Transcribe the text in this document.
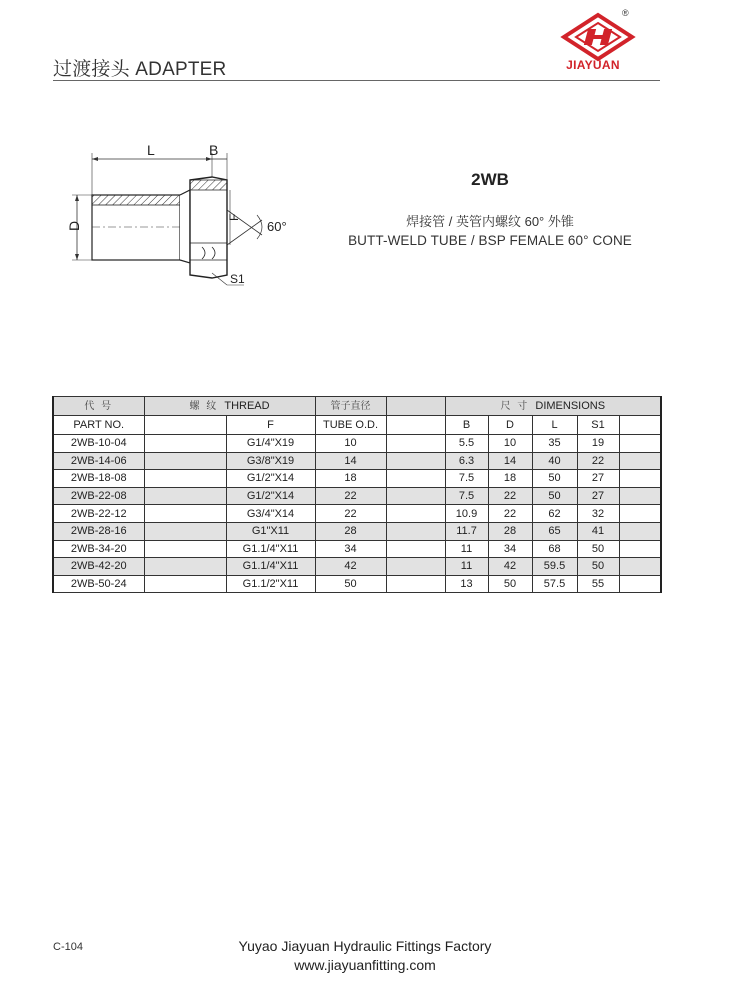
过渡接头 ADAPTER
®
JIAYUAN
L	B
D
F
60°
S1
2WB
焊接管 / 英管内螺纹 60° 外锥
BUTT-WELD TUBE / BSP FEMALE 60° CONE
代 号	螺 纹 THREAD		管子直径		尺 寸 DIMENSIONS				
PART NO.		F	TUBE O.D.		B	D	L	S1	
2WB-10-04		G1/4"X19	10		5.5	10	35	19	
2WB-14-06		G3/8"X19	14		6.3	14	40	22	
2WB-18-08		G1/2"X14	18		7.5	18	50	27	
2WB-22-08		G1/2"X14	22		7.5	22	50	27	
2WB-22-12		G3/4"X14	22		10.9	22	62	32	
2WB-28-16		G1"X11	28		11.7	28	65	41	
2WB-34-20		G1.1/4"X11	34		11	34	68	50	
2WB-42-20		G1.1/4"X11	42		11	42	59.5	50	
2WB-50-24		G1.1/2"X11	50		13	50	57.5	55	
C-104	Yuyao Jiayuan Hydraulic Fittings Factory
www.jiayuanfitting.com
